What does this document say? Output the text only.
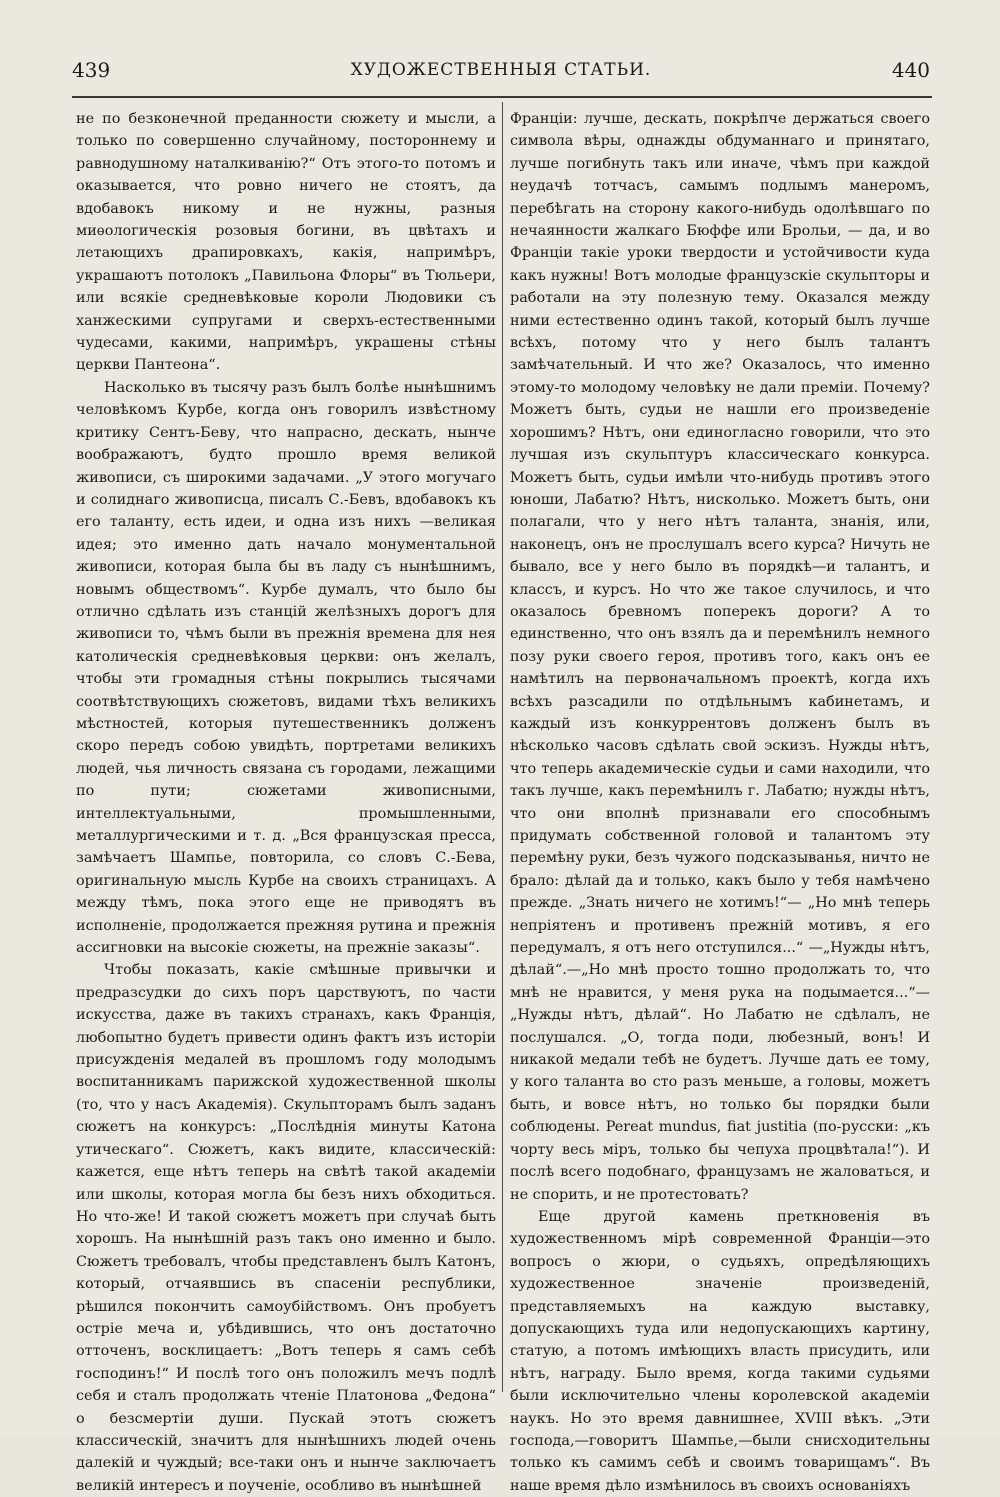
439	ХУДОЖЕСТВЕННЫЯ СТАТЬИ.	440

не по безконечной преданности сюжету и мысли, а только по совершенно случайному, постороннему и равнодушному наталкиванію?“ Отъ этого-то потомъ и оказывается, что ровно ничего не стоятъ, да вдобавокъ никому и не нужны, разныя миѳологическія розовыя богини, въ цвѣтахъ и летающихъ драпировкахъ, какія, напримѣръ, украшаютъ потолокъ „Павильона Флоры“ въ Тюльери, или всякіе средневѣковые короли Людовики съ ханжескими супругами и сверхъ-естественными чудесами, какими, напримѣръ, украшены стѣны церкви Пантеона“.

Насколько въ тысячу разъ былъ болѣе нынѣшнимъ человѣкомъ Курбе, когда онъ говорилъ извѣстному критику Сентъ-Беву, что напрасно, дескать, нынче воображаютъ, будто прошло время великой живописи, съ широкими задачами. „У этого могучаго и солиднаго живописца, писалъ С.-Бевъ, вдобавокъ къ его таланту, есть идеи, и одна изъ нихъ —великая идея; это именно дать начало монументальной живописи, которая была бы въ ладу съ нынѣшнимъ, новымъ обществомъ“. Курбе думалъ, что было бы отлично сдѣлать изъ станцій желѣзныхъ дорогъ для живописи то, чѣмъ были въ прежнія времена для нея католическія средневѣковыя церкви: онъ желалъ, чтобы эти громадныя стѣны покрылись тысячами соотвѣтствующихъ сюжетовъ, видами тѣхъ великихъ мѣстностей, которыя путешественникъ долженъ скоро передъ собою увидѣть, портретами великихъ людей, чья личность связана съ городами, лежащими по пути; сюжетами живописными, интеллектуальными, промышленными, металлургическими и т. д. „Вся французская пресса, замѣчаетъ Шампье, повторила, со словъ С.-Бева, оригинальную мысль Курбе на своихъ страницахъ. А между тѣмъ, пока этого еще не приводятъ въ исполненіе, продолжается прежняя рутина и прежнія ассигновки на высокіе сюжеты, на прежніе заказы“.

Чтобы показать, какіе смѣшные привычки и предразсудки до сихъ поръ царствуютъ, по части искусства, даже въ такихъ странахъ, какъ Франція, любопытно будетъ привести одинъ фактъ изъ исторіи присужденія медалей въ прошломъ году молодымъ воспитанникамъ парижской художественной школы (то, что у насъ Академія). Скульпторамъ былъ заданъ сюжетъ на конкурсъ: „Послѣднія минуты Катона утическаго“. Сюжетъ, какъ видите, классическій: кажется, еще нѣтъ теперь на свѣтѣ такой академіи или школы, которая могла бы безъ нихъ обходиться. Но что-же! И такой сюжетъ можетъ при случаѣ быть хорошъ. На нынѣшній разъ такъ оно именно и было. Сюжетъ требовалъ, чтобы представленъ былъ Катонъ, который, отчаявшись въ спасеніи республики, рѣшился покончить самоубійствомъ. Онъ пробуетъ остріе меча и, убѣдившись, что онъ достаточно отточенъ, восклицаетъ: „Вотъ теперь я самъ себѣ господинъ!“ И послѣ того онъ положилъ мечъ подлѣ себя и сталъ продолжать чтеніе Платонова „Федона“ о безсмертіи души. Пускай этотъ сюжетъ классическій, значитъ для нынѣшнихъ людей очень далекій и чуждый; все-таки онъ и нынче заключаетъ великій интересъ и поученіе, особливо въ нынѣшней

Франціи: лучше, дескать, покрѣпче держаться своего символа вѣры, однажды обдуманнаго и принятаго, лучше погибнуть такъ или иначе, чѣмъ при каждой неудачѣ тотчасъ, самымъ подлымъ манеромъ, перебѣгать на сторону какого-нибудь одолѣвшаго по нечаянности жалкаго Бюффе или Брольи, — да, и во Франціи такіе уроки твердости и устойчивости куда какъ нужны! Вотъ молодые французскіе скульпторы и работали на эту полезную тему. Оказался между ними естественно одинъ такой, который былъ лучше всѣхъ, потому что у него былъ талантъ замѣчательный. И что же? Оказалось, что именно этому-то молодому человѣку не дали преміи. Почему? Можетъ быть, судьи не нашли его произведеніе хорошимъ? Нѣтъ, они единогласно говорили, что это лучшая изъ скульптуръ классическаго конкурса. Можетъ быть, судьи имѣли что-нибудь противъ этого юноши, Лабатю? Нѣтъ, нисколько. Можетъ быть, они полагали, что у него нѣтъ таланта, знанія, или, наконецъ, онъ не прослушалъ всего курса? Ничуть не бывало, все у него было въ порядкѣ—и талантъ, и классъ, и курсъ. Но что же такое случилось, и что оказалось бревномъ поперекъ дороги? А то единственно, что онъ взялъ да и перемѣнилъ немного позу руки своего героя, противъ того, какъ онъ ее намѣтилъ на первоначальномъ проектѣ, когда ихъ всѣхъ разсадили по отдѣльнымъ кабинетамъ, и каждый изъ конкуррентовъ долженъ былъ въ нѣсколько часовъ сдѣлать свой эскизъ. Нужды нѣтъ, что теперь академическіе судьи и сами находили, что такъ лучше, какъ перемѣнилъ г. Лабатю; нужды нѣтъ, что они вполнѣ признавали его способнымъ придумать собственной головой и талантомъ эту перемѣну руки, безъ чужого подсказыванья, ничто не брало: дѣлай да и только, какъ было у тебя намѣчено прежде. „Знать ничего не хотимъ!“— „Но мнѣ теперь непріятенъ и противенъ прежній мотивъ, я его передумалъ, я отъ него отступился...“ —„Нужды нѣтъ, дѣлай“.—„Но мнѣ просто тошно продолжать то, что мнѣ не нравится, у меня рука на подымается...“—„Нужды нѣтъ, дѣлай“. Но Лабатю не сдѣлалъ, не послушался. „О, тогда поди, любезный, вонъ! И никакой медали тебѣ не будетъ. Лучше дать ее тому, у кого таланта во сто разъ меньше, а головы, можетъ быть, и вовсе нѣтъ, но только бы порядки были соблюдены. Pereat mundus, fiat justitia (по-русски: „къ чорту весь міръ, только бы чепуха процвѣтала!“). И послѣ всего подобнаго, французамъ не жаловаться, и не спорить, и не протестовать?

Еще другой камень преткновенія въ художественномъ мірѣ современной Франціи—это вопросъ о жюри, о судьяхъ, опредѣляющихъ художественное значеніе произведеній, представляемыхъ на каждую выставку, допускающихъ туда или недопускающихъ картину, статую, а потомъ имѣющихъ власть присудить, или нѣтъ, награду. Было время, когда такими судьями были исключительно члены королевской академіи наукъ. Но это время давнишнее, XVIII вѣкъ. „Эти господа,—говоритъ Шампье,—были снисходительны только къ самимъ себѣ и своимъ товарищамъ“. Въ наше время дѣло измѣнилось въ своихъ основаніяхъ
